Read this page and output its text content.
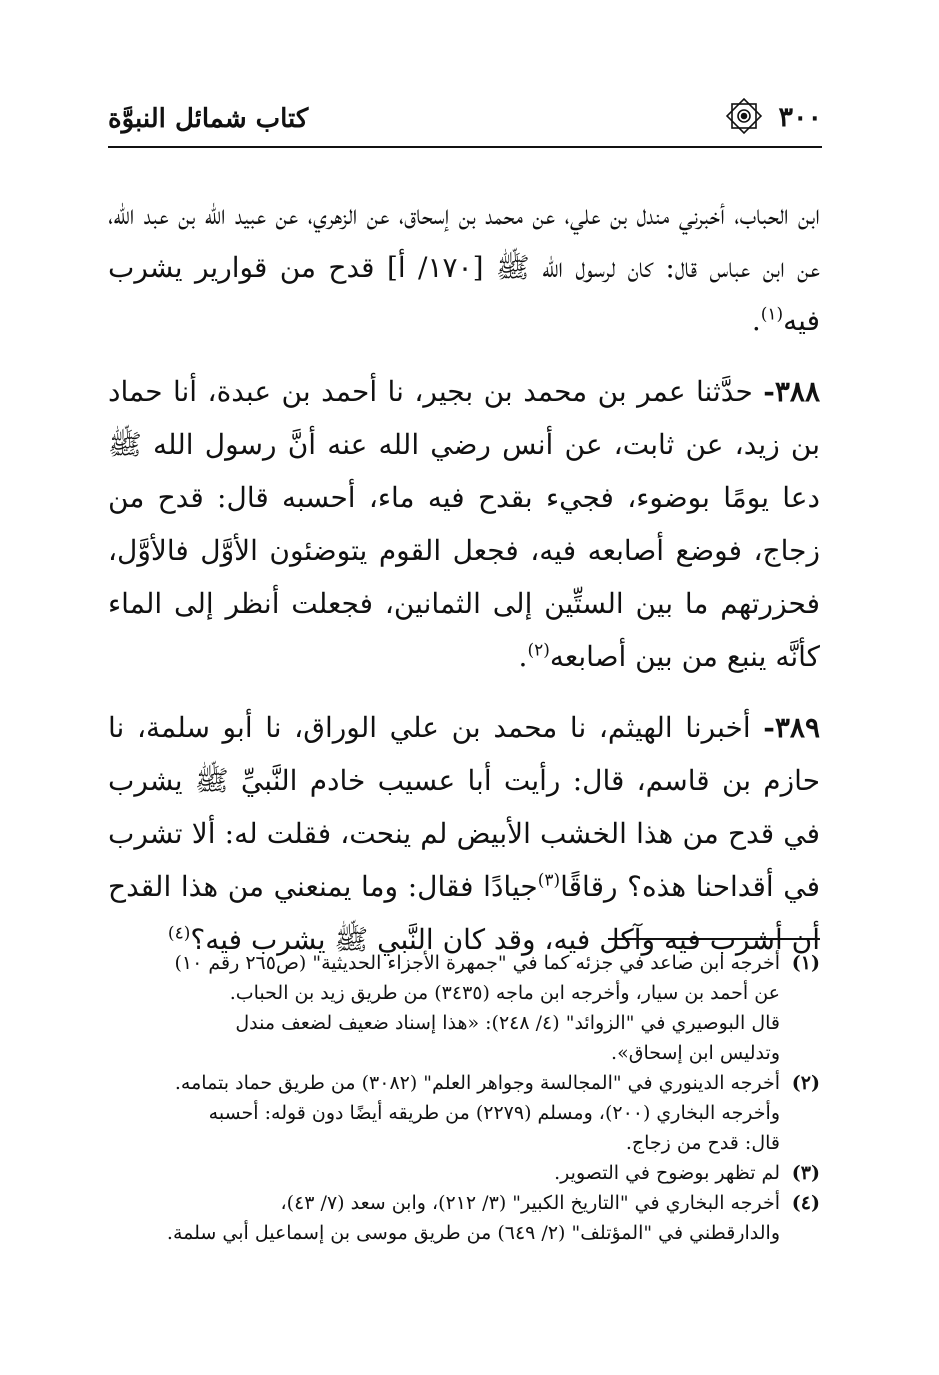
٣٠٠
كتاب شمائل النبوَّة

ابن الحباب، أخبرني مندل بن علي، عن محمد بن إسحاق، عن الزهري، عن عبيد الله بن عبد الله، عن ابن عباس قال: كان لرسول الله ﷺ [١٧٠/ أ] قدح من قوارير يشرب فيه$^{(١)}$.

٣٨٨- حدَّثنا عمر بن محمد بن بجير، نا أحمد بن عبدة، أنا حماد بن زيد، عن ثابت، عن أنس رضي الله عنه أنَّ رسول الله ﷺ دعا يومًا بوضوء، فجيء بقدح فيه ماء، أحسبه قال: قدح من زجاج، فوضع أصابعه فيه، فجعل القوم يتوضئون الأوَّل فالأوَّل، فحزرتهم ما بين الستِّين إلى الثمانين، فجعلت أنظر إلى الماء كأنَّه ينبع من بين أصابعه$^{(٢)}$.

٣٨٩- أخبرنا الهيثم، نا محمد بن علي الوراق، نا أبو سلمة، نا حازم بن قاسم، قال: رأيت أبا عسيب خادم النَّبيِّ ﷺ يشرب في قدح من هذا الخشب الأبيض لم ينحت، فقلت له: ألا تشرب في أقداحنا هذه؟ رقاقًا$^{(٣)}$جيادًا فقال: وما يمنعني من هذا القدح أن أشرب فيه وآكل فيه، وقد كان النَّبي ﷺ يشرب فيه؟$^{(٤)}$

(١)
أخرجه ابن صاعد في جزئه كما في "جمهرة الأجزاء الحديثية" (ص٢٦٥ رقم ١٠)
عن أحمد بن سيار، وأخرجه ابن ماجه (٣٤٣٥) من طريق زيد بن الحباب.
قال البوصيري في "الزوائد" (٤/ ٢٤٨): «هذا إسناد ضعيف لضعف مندل
وتدليس ابن إسحاق».
(٢)
أخرجه الدينوري في "المجالسة وجواهر العلم" (٣٠٨٢) من طريق حماد بتمامه.
وأخرجه البخاري (٢٠٠)، ومسلم (٢٢٧٩) من طريقه أيضًا دون قوله: أحسبه
قال: قدح من زجاج.
(٣)
لم تظهر بوضوح في التصوير.
(٤)
أخرجه البخاري في "التاريخ الكبير" (٣/ ٢١٢)، وابن سعد (٧/ ٤٣)،
والدارقطني في "المؤتلف" (٢/ ٦٤٩) من طريق موسى بن إسماعيل أبي سلمة.
